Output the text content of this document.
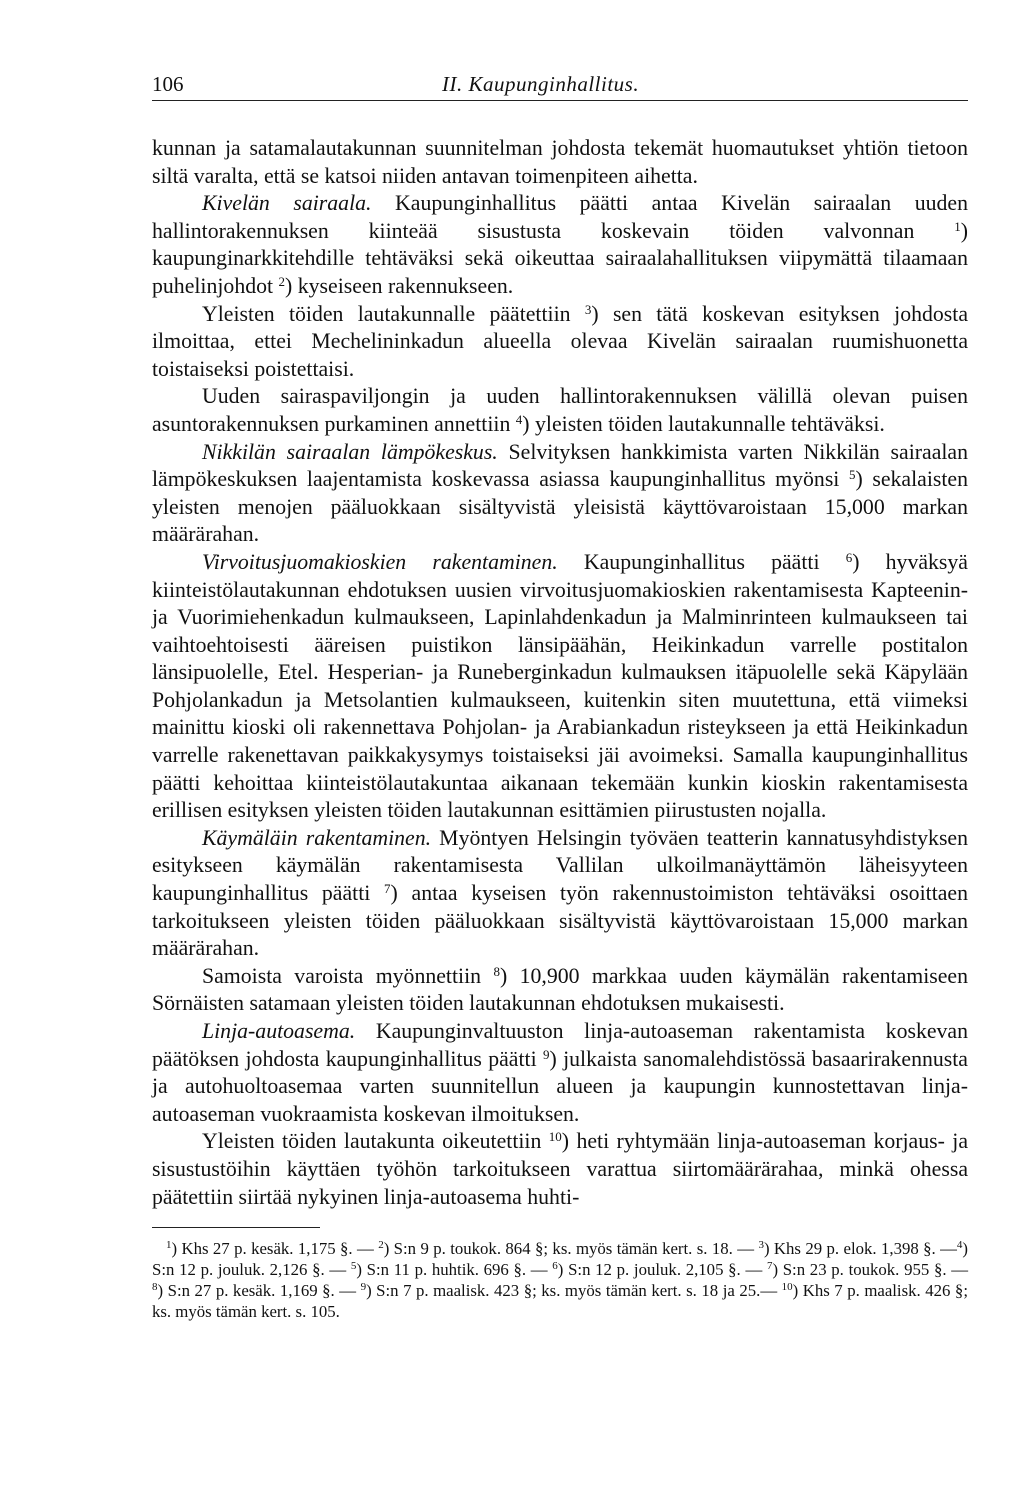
106	II. Kaupunginhallitus.

kunnan ja satamalautakunnan suunnitelman johdosta tekemät huomautukset yhtiön tietoon siltä varalta, että se katsoi niiden antavan toimenpiteen aihetta.

Kivelän sairaala. Kaupunginhallitus päätti antaa Kivelän sairaalan uuden hallintorakennuksen kiinteää sisustusta koskevain töiden valvonnan $^1$) kaupunginarkkitehdille tehtäväksi sekä oikeuttaa sairaalahallituksen viipymättä tilaamaan puhelinjohdot $^2$) kyseiseen rakennukseen.

Yleisten töiden lautakunnalle päätettiin $^3$) sen tätä koskevan esityksen johdosta ilmoittaa, ettei Mechelininkadun alueella olevaa Kivelän sairaalan ruumishuonetta toistaiseksi poistettaisi.

Uuden sairaspaviljongin ja uuden hallintorakennuksen välillä olevan puisen asuntorakennuksen purkaminen annettiin $^4$) yleisten töiden lautakunnalle tehtäväksi.

Nikkilän sairaalan lämpökeskus. Selvityksen hankkimista varten Nikkilän sairaalan lämpökeskuksen laajentamista koskevassa asiassa kaupunginhallitus myönsi $^5$) sekalaisten yleisten menojen pääluokkaan sisältyvistä yleisistä käyttövaroistaan 15,000 markan määrärahan.

Virvoitusjuomakioskien rakentaminen. Kaupunginhallitus päätti $^6$) hyväksyä kiinteistölautakunnan ehdotuksen uusien virvoitusjuomakioskien rakentamisesta Kapteenin- ja Vuorimiehenkadun kulmaukseen, Lapinlahdenkadun ja Malminrinteen kulmaukseen tai vaihtoehtoisesti ääreisen puistikon länsipäähän, Heikinkadun varrelle postitalon länsipuolelle, Etel. Hesperian- ja Runeberginkadun kulmauksen itäpuolelle sekä Käpylään Pohjolankadun ja Metsolantien kulmaukseen, kuitenkin siten muutettuna, että viimeksi mainittu kioski oli rakennettava Pohjolan- ja Arabiankadun risteykseen ja että Heikinkadun varrelle rakenettavan paikkakysymys toistaiseksi jäi avoimeksi. Samalla kaupunginhallitus päätti kehoittaa kiinteistölautakuntaa aikanaan tekemään kunkin kioskin rakentamisesta erillisen esityksen yleisten töiden lautakunnan esittämien piirustusten nojalla.

Käymäläin rakentaminen. Myöntyen Helsingin työväen teatterin kannatusyhdistyksen esitykseen käymälän rakentamisesta Vallilan ulkoilmanäyttämön läheisyyteen kaupunginhallitus päätti $^7$) antaa kyseisen työn rakennustoimiston tehtäväksi osoittaen tarkoitukseen yleisten töiden pääluokkaan sisältyvistä käyttövaroistaan 15,000 markan määrärahan.

Samoista varoista myönnettiin $^8$) 10,900 markkaa uuden käymälän rakentamiseen Sörnäisten satamaan yleisten töiden lautakunnan ehdotuksen mukaisesti.

Linja-autoasema. Kaupunginvaltuuston linja-autoaseman rakentamista koskevan päätöksen johdosta kaupunginhallitus päätti $^9$) julkaista sanomalehdistössä basaarirakennusta ja autohuoltoasemaa varten suunnitellun alueen ja kaupungin kunnostettavan linja-autoaseman vuokraamista koskevan ilmoituksen.

Yleisten töiden lautakunta oikeutettiin $^{10}$) heti ryhtymään linja-autoaseman korjaus- ja sisustustöihin käyttäen työhön tarkoitukseen varattua siirtomäärärahaa, minkä ohessa päätettiin siirtää nykyinen linja-autoasema huhti-

$^1$) Khs 27 p. kesäk. 1,175 §. — $^2$) S:n 9 p. toukok. 864 §; ks. myös tämän kert. s. 18. — $^3$) Khs 29 p. elok. 1,398 §. —$^4$) S:n 12 p. jouluk. 2,126 §. — $^5$) S:n 11 p. huhtik. 696 §. — $^6$) S:n 12 p. jouluk. 2,105 §. — $^7$) S:n 23 p. toukok. 955 §. — $^8$) S:n 27 p. kesäk. 1,169 §. — $^9$) S:n 7 p. maalisk. 423 §; ks. myös tämän kert. s. 18 ja 25.— $^{10}$) Khs 7 p. maalisk. 426 §; ks. myös tämän kert. s. 105.
